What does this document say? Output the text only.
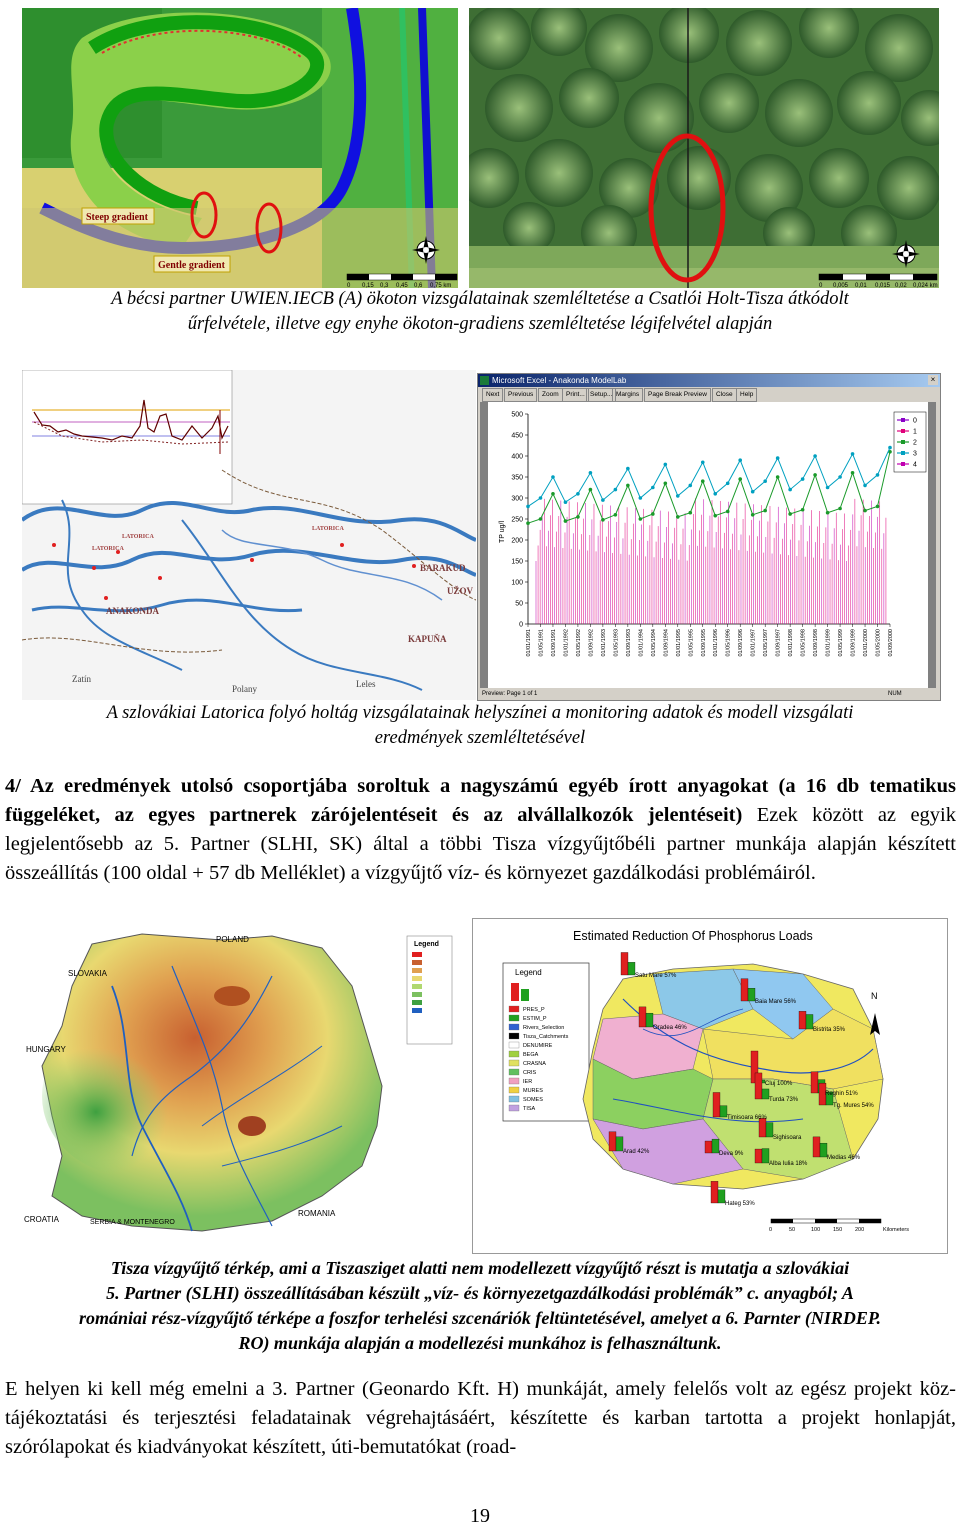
Steep gradient
Gentle gradient
0 0,15 0,3 0,45 0,6 0,75 km	0 0,005 0,01 0,015 0,02 0,024 km
A bécsi partner UWIEN.IECB (A) ökoton vizsgálatainak szemléltetése a Csatlói Holt-Tisza átkódolt
űrfelvétele, illetve egy enyhe ökoton-gradiens szemléltetése légifelvétel alapján
LATORICA
LATORICA
LATORICA
BARAKUD
UŽOV
ANAKONDA
KAPUŇA
Zatín
Polany	Leles
Microsoft Excel - Anakonda ModelLab	×
Next	Previous	Zoom	Print... Setup... Margins	Page Break Preview	Close	Help
TP ug/l
0
50
100
150
200
250
300
350
400
450
500
01/01/1991 01/05/1991 01/09/1991 01/01/1992 01/05/1992 01/09/1992 01/01/1993 01/05/1993 01/09/1993 01/01/1994 01/05/1994 01/09/1994 01/01/1995 01/05/1995 01/09/1995 01/01/1996 01/05/1996 01/09/1996 01/01/1997 01/05/1997 01/09/1997 01/01/1998 01/05/1998 01/09/1998 01/01/1999 01/05/1999 01/09/1999 01/01/2000 01/05/2000 01/09/2000
0
1
2
3
4
Preview: Page 1 of 1	NUM
A szlovákiai Latorica folyó holtág vizsgálatainak helyszínei a monitoring adatok és modell vizsgálati
eredmények szemléltetésével
4/ Az eredmények utolsó csoportjába soroltuk a nagyszámú egyéb írott anyagokat (a 16 db tematikus függeléket, az egyes partnerek zárójelentéseit és az alvállalkozók jelentéseit) Ezek között az egyik legjelentősebb az 5. Partner (SLHI, SK) által a többi Tisza vízgyűjtőbéli partner munkája alapján készített összeállítás (100 oldal + 57 db Melléklet) a vízgyűjtő víz- és környezet gazdálkodási problémáiról.
Legend
POLAND
SLOVAKIA
HUNGARY
CROATIA	SERBIA & MONTENEGRO
ROMANIA
Estimated Reduction Of Phosphorus Loads
Legend
PRES_P
ESTIM_P
Rivers_Selection
Tisza_Catchments
DENUMIRE
BEGA
CRASNA
CRIS
IER
MURES
SOMES
TISA
Satu Mare 57%
Baia Mare 56%
Oradea 46%	Bistrita 35%
Cluj 100%
Turda 73%
Reghin 51%
Tg. Mures 54%
Arad 42%	Deva 9%
Alba Iulia 18%
Medias 46%
Timisoara 66%
Sighisoara
Hateg 53%
N
0	50	100 150 200	Kilometers
Tisza vízgyűjtő térkép, ami a Tiszasziget alatti nem modellezett vízgyűjtő részt is mutatja a szlovákiai
5. Partner (SLHI) összeállításában készült „víz- és környezetgazdálkodási problémák” c. anyagból; A
romániai rész-vízgyűjtő térképe a foszfor terhelési szcenáriók feltüntetésével, amelyet a 6. Parnter (NIRDEP.
RO) munkája alapján a modellezési munkához is felhasználtunk.
E helyen ki kell még emelni a 3. Partner (Geonardo Kft. H) munkáját, amely felelős volt az egész projekt köz-tájékoztatási és terjesztési feladatainak végrehajtásáért, készítette és karban tartotta a projekt honlapját, szórólapokat és kiadványokat készített, úti-bemutatókat (road-
19
